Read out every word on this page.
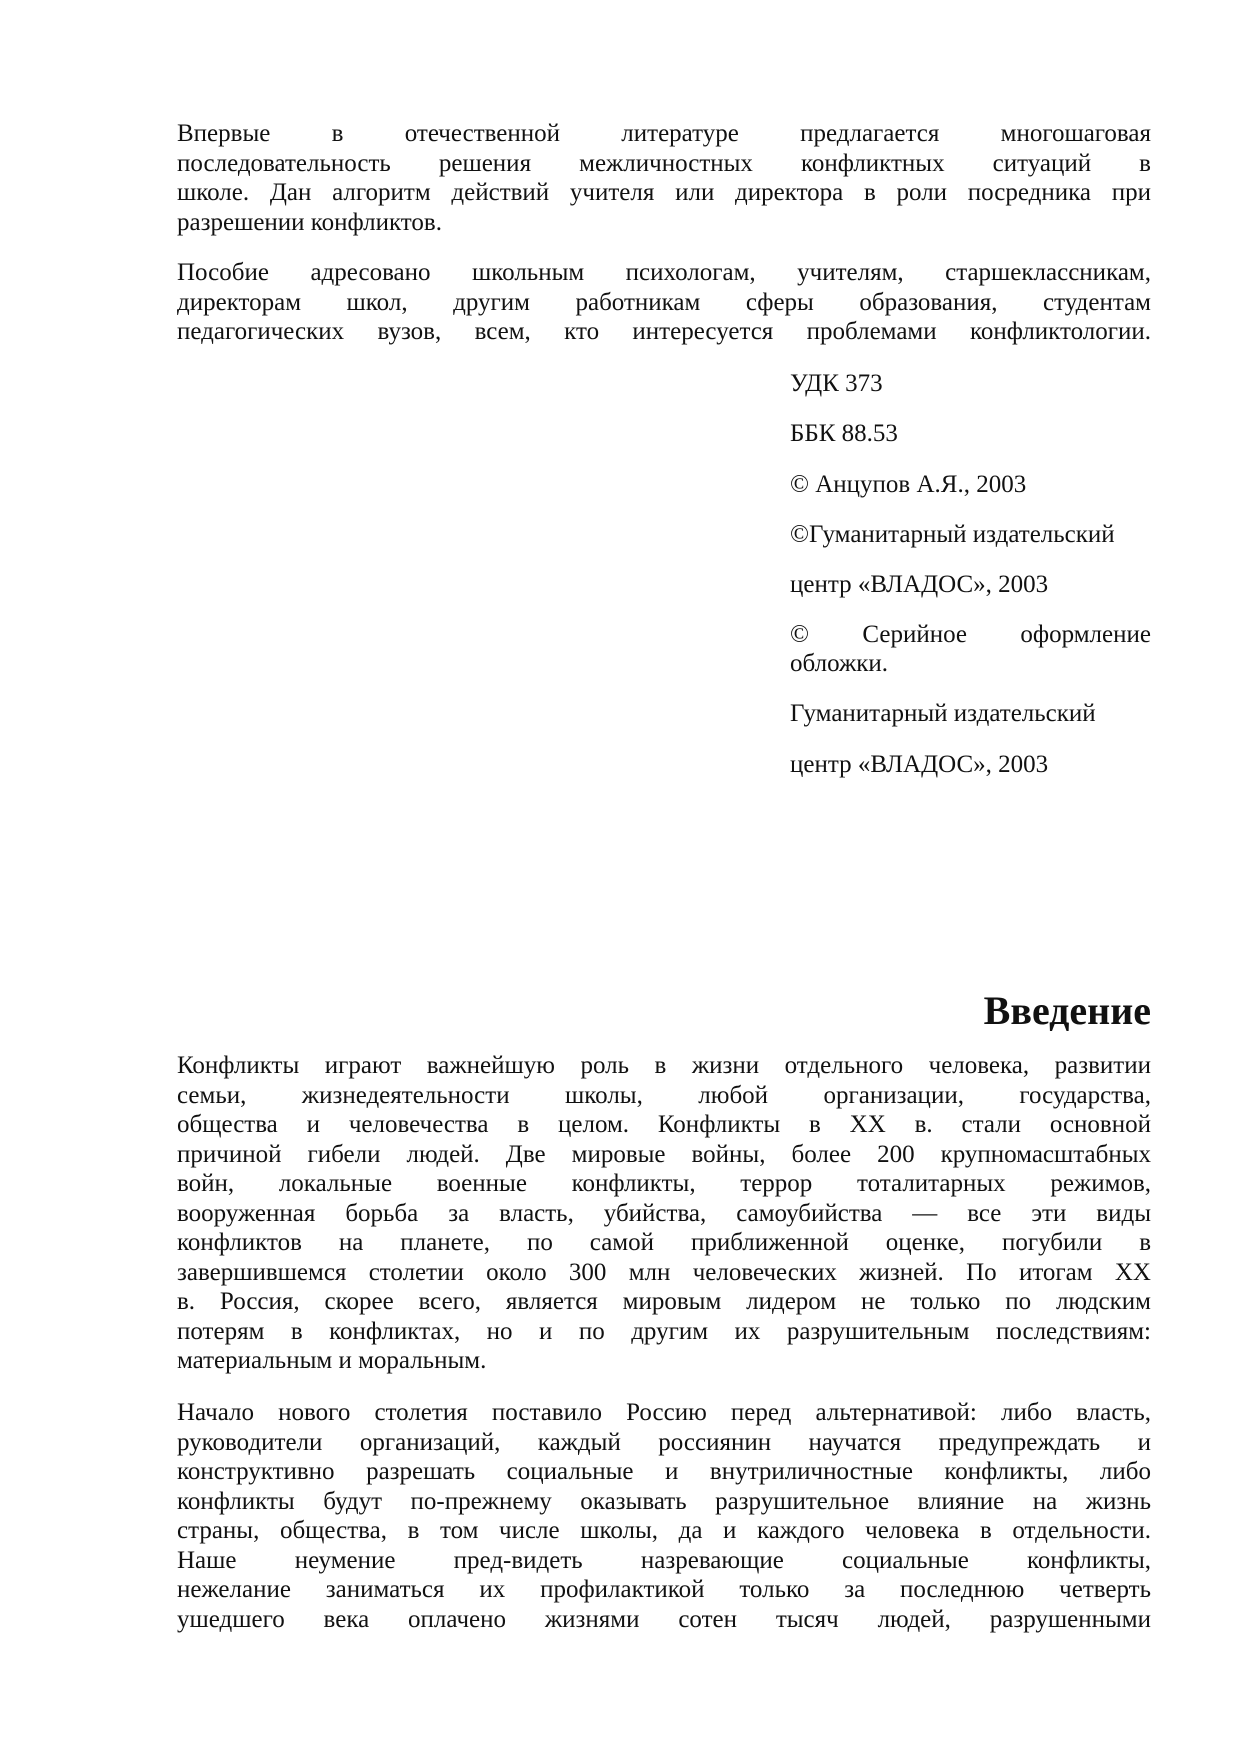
Впервые в отечественной литературе предлагается многошаговая
последовательность решения межличностных конфликтных ситуаций в
школе. Дан алгоритм действий учителя или директора в роли посредника при
разрешении конфликтов.
Пособие адресовано школьным психологам, учителям, старшеклассникам,
директорам школ, другим работникам сферы образования, студентам
педагогических вузов, всем, кто интересуется проблемами конфликтологии.
УДК 373
ББК 88.53
© Анцупов А.Я., 2003
©Гуманитарный издательский
центр «ВЛАДОС», 2003
© Серийное оформление
обложки.
Гуманитарный издательский
центр «ВЛАДОС», 2003
Введение
Конфликты играют важнейшую роль в жизни отдельного человека, развитии
семьи, жизнедеятельности школы, любой организации, государства,
общества и человечества в целом. Конфликты в XX в. стали основной
причиной гибели людей. Две мировые войны, более 200 крупномасштабных
войн, локальные военные конфликты, террор тоталитарных режимов,
вооруженная борьба за власть, убийства, самоубийства — все эти виды
конфликтов на планете, по самой приближенной оценке, погубили в
завершившемся столетии около 300 млн человеческих жизней. По итогам XX
в. Россия, скорее всего, является мировым лидером не только по людским
потерям в конфликтах, но и по другим их разрушительным последствиям:
материальным и моральным.
Начало нового столетия поставило Россию перед альтернативой: либо власть,
руководители организаций, каждый россиянин научатся предупреждать и
конструктивно разрешать социальные и внутриличностные конфликты, либо
конфликты будут по-прежнему оказывать разрушительное влияние на жизнь
страны, общества, в том числе школы, да и каждого человека в отдельности.
Наше неумение пред-видеть назревающие социальные конфликты,
нежелание заниматься их профилактикой только за последнюю четверть
ушедшего века оплачено жизнями сотен тысяч людей, разрушенными
